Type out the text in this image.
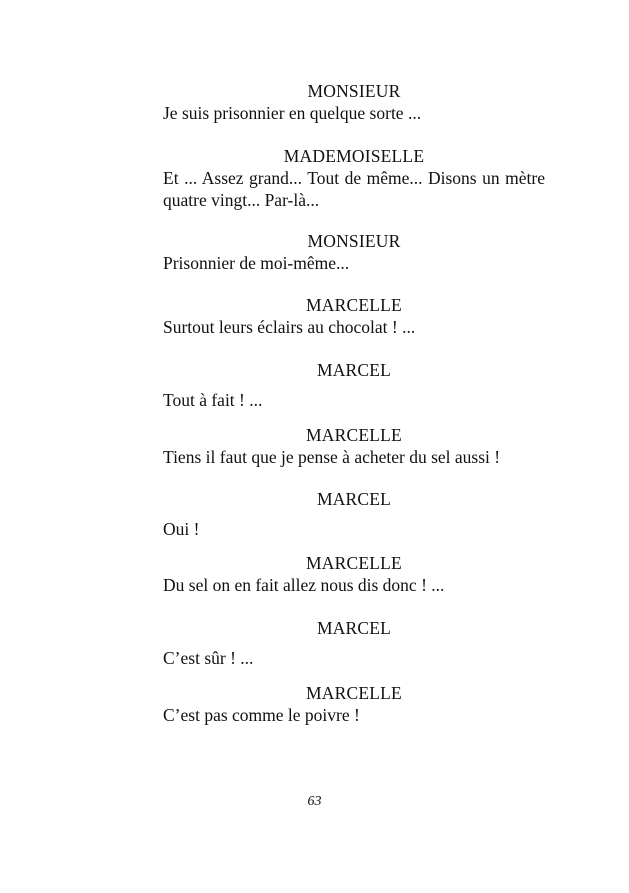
MONSIEUR
Je suis prisonnier en quelque sorte ...
MADEMOISELLE
Et ... Assez grand... Tout de même... Disons un mètre quatre vingt... Par-là...
MONSIEUR
Prisonnier de moi-même...
MARCELLE
Surtout leurs éclairs au chocolat ! ...
MARCEL
Tout à fait ! ...
MARCELLE
Tiens il faut que je pense à acheter du sel aussi !
MARCEL
Oui !
MARCELLE
Du sel on en fait allez nous dis donc ! ...
MARCEL
C’est sûr ! ...
MARCELLE
C’est pas comme le poivre !
63
